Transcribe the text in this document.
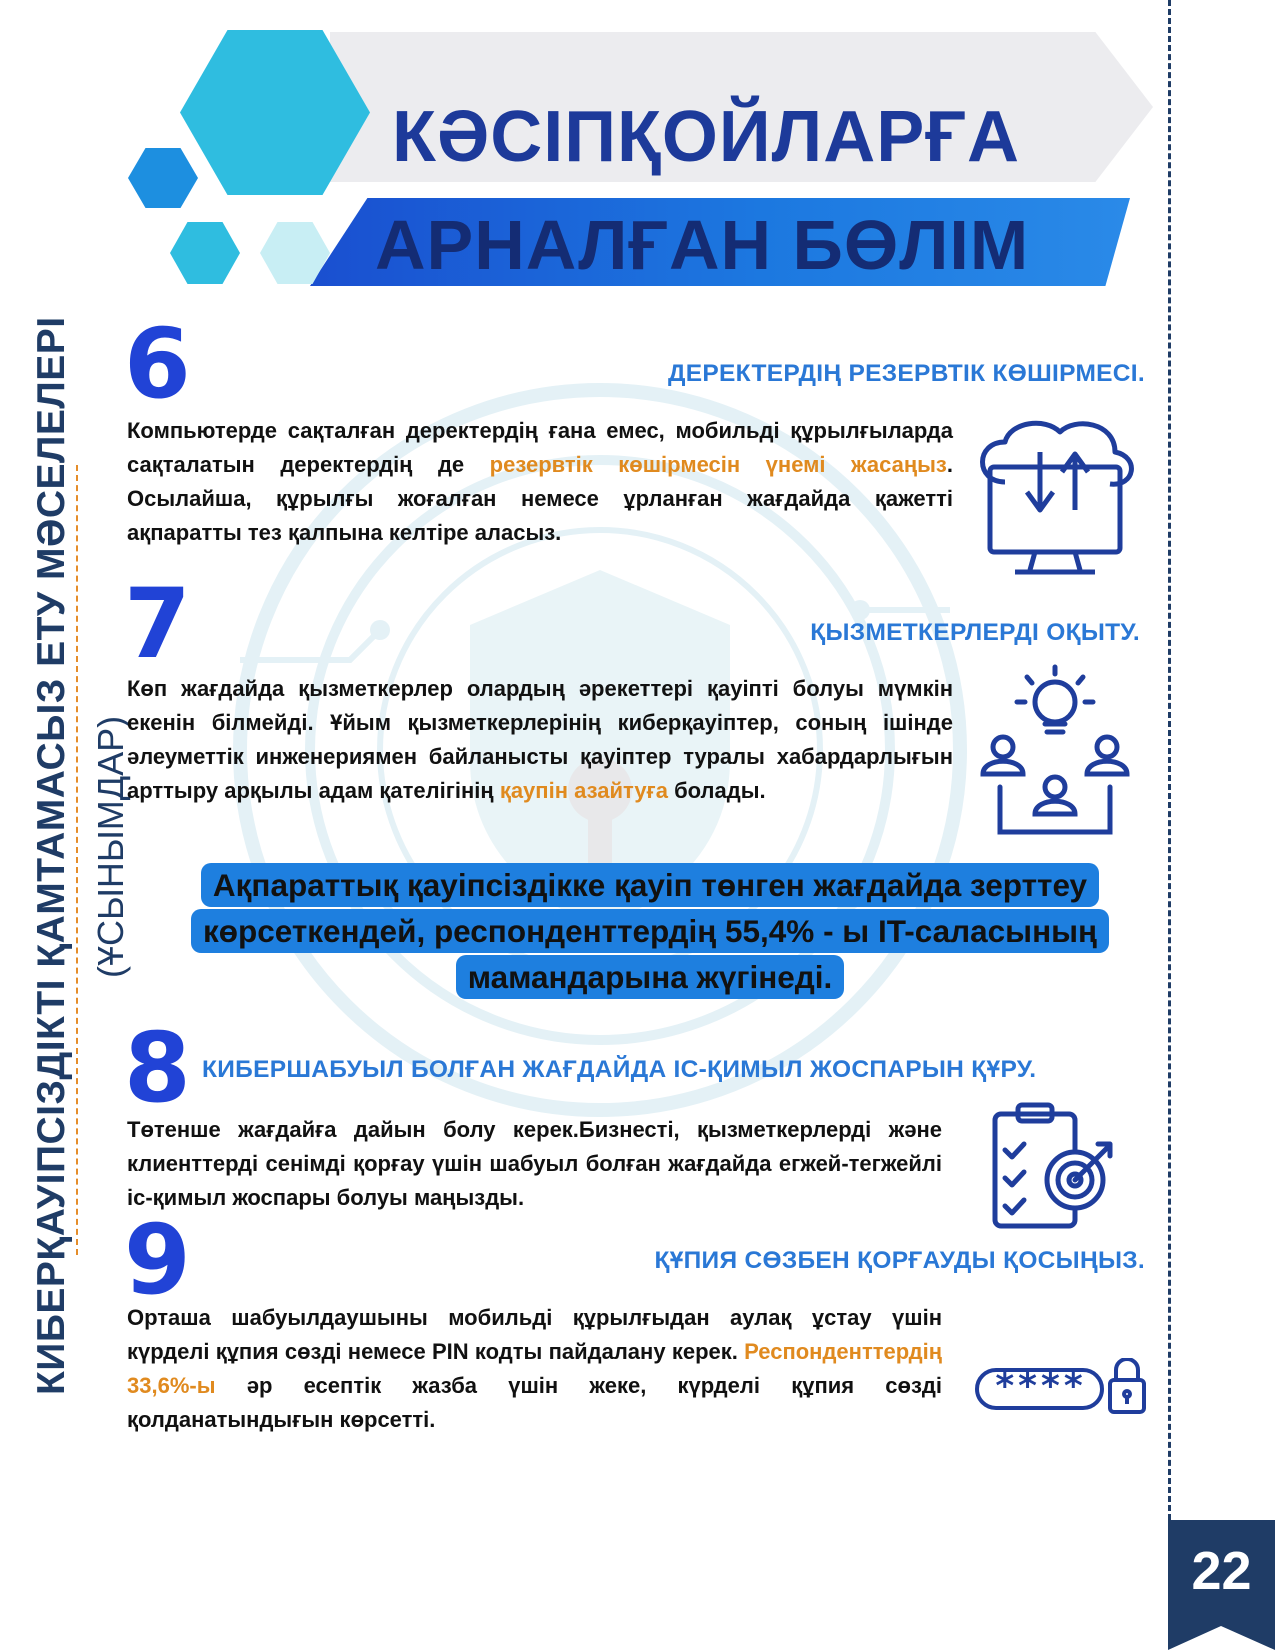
22
КИБЕРҚАУІПСІЗДІКТІ ҚАМТАМАСЫЗ ЕТУ МӘСЕЛЕЛЕРІ (ҰСЫНЫМДАР)
КӘСІПҚОЙЛАРҒА
АРНАЛҒАН БӨЛІМ
6	ДЕРЕКТЕРДІҢ РЕЗЕРВТІК КӨШІРМЕСІ.

Компьютерде сақталған деректердің ғана емес, мобильді құрылғыларда сақталатын деректердің де резервтік көшірмесін үнемі жасаңыз. Осылайша, құрылғы жоғалған немесе ұрланған жағдайда қажетті ақпаратты тез қалпына келтіре аласыз.

7	ҚЫЗМЕТКЕРЛЕРДІ ОҚЫТУ.

Көп жағдайда қызметкерлер олардың әрекеттері қауіпті болуы мүмкін екенін білмейді. Ұйым қызметкерлерінің киберқауіптер, соның ішінде әлеуметтік инженериямен байланысты қауіптер туралы хабардарлығын арттыру арқылы адам қателігінің қаупін азайтуға болады.

Ақпараттық қауіпсіздікке қауіп төнген жағдайда зерттеу көрсеткендей, респонденттердің 55,4% - ы IT-саласының мамандарына жүгінеді.
8 КИБЕРШАБУЫЛ БОЛҒАН ЖАҒДАЙДА ІС-ҚИМЫЛ ЖОСПАРЫН ҚҰРУ.

Төтенше жағдайға дайын болу керек.Бизнесті, қызметкерлерді және клиенттерді сенімді қорғау үшін шабуыл болған жағдайда егжей-тегжейлі іс-қимыл жоспары болуы маңызды.

9	ҚҰПИЯ СӨЗБЕН ҚОРҒАУДЫ ҚОСЫҢЫЗ.

Орташа шабуылдаушыны мобильді құрылғыдан аулақ ұстау үшін күрделі құпия сөзді немесе PIN кодты пайдалану керек. Респонденттердің 33,6%-ы әр есептік жазба үшін жеке, күрделі құпия сөзді қолданатындығын көрсетті.

****
